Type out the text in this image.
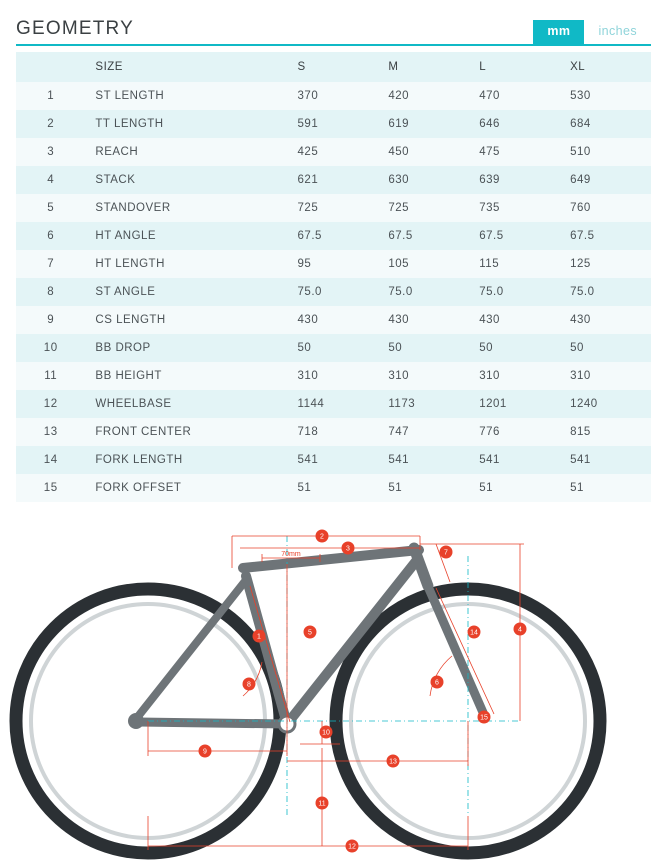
GEOMETRY	mm	inches
	SIZE	S	M	L	XL
1	ST LENGTH	370	420	470	530
2	TT LENGTH	591	619	646	684
3	REACH	425	450	475	510
4	STACK	621	630	639	649
5	STANDOVER	725	725	735	760
6	HT ANGLE	67.5	67.5	67.5	67.5
7	HT LENGTH	95	105	115	125
8	ST ANGLE	75.0	75.0	75.0	75.0
9	CS LENGTH	430	430	430	430
10	BB DROP	50	50	50	50
11	BB HEIGHT	310	310	310	310
12	WHEELBASE	1144	1173	1201	1240
13	FRONT CENTER	718	747	776	815
14	FORK LENGTH	541	541	541	541
15	FORK OFFSET	51	51	51	51
70mm
1
2
3
4
5
6
7
8
9
10
11
12
13
14
15
